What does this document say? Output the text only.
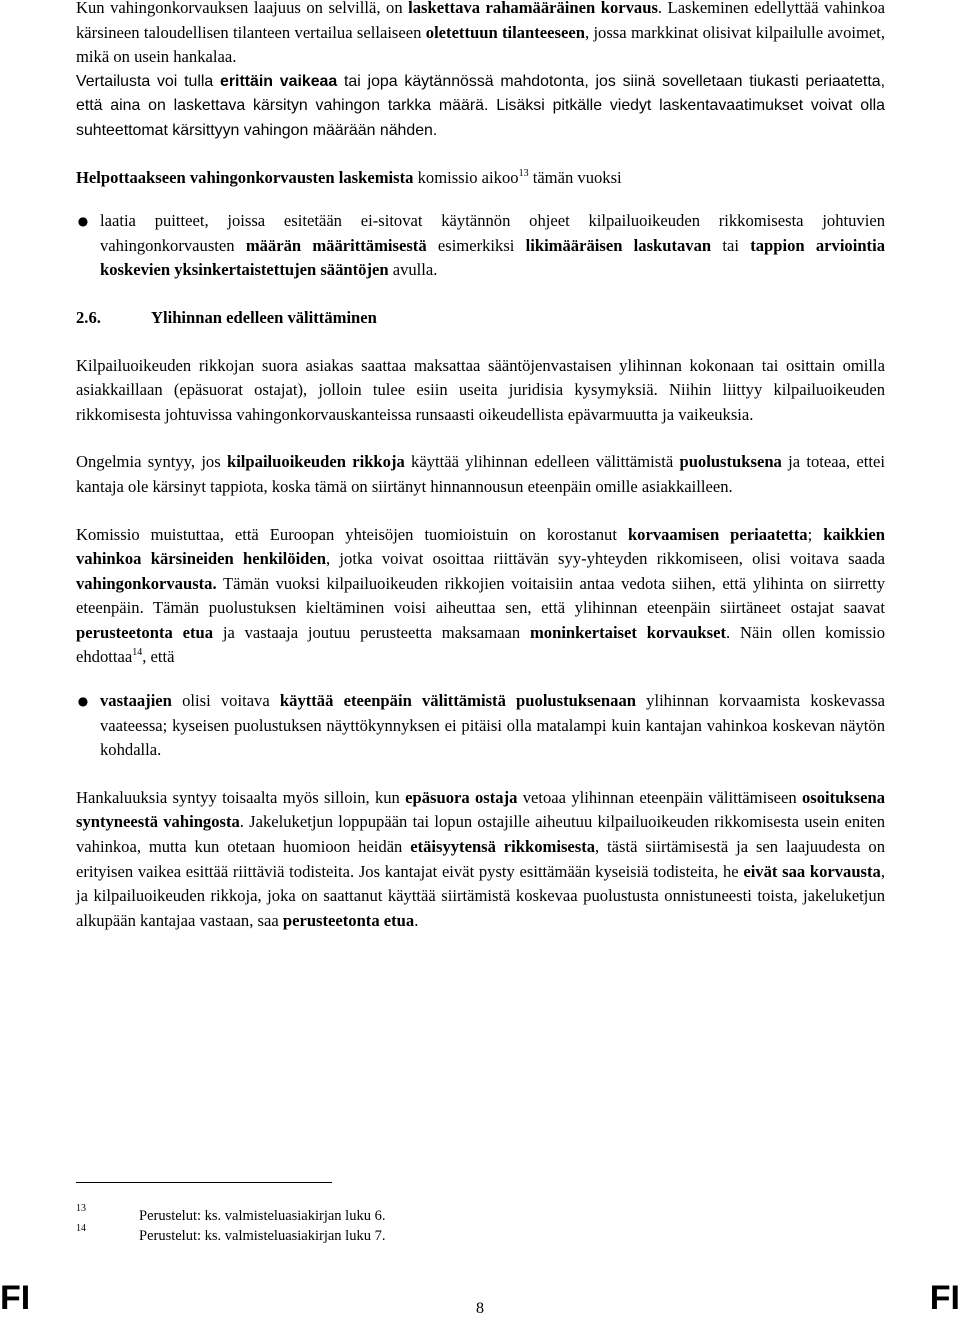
Kun vahingonkorvauksen laajuus on selvillä, on laskettava rahamääräinen korvaus. Laskeminen edellyttää vahinkoa kärsineen taloudellisen tilanteen vertailua sellaiseen oletettuun tilanteeseen, jossa markkinat olisivat kilpailulle avoimet, mikä on usein hankalaa.

Vertailusta voi tulla erittäin vaikeaa tai jopa käytännössä mahdotonta, jos siinä sovelletaan tiukasti periaatetta, että aina on laskettava kärsityn vahingon tarkka määrä. Lisäksi pitkälle viedyt laskentavaatimukset voivat olla suhteettomat kärsittyyn vahingon määrään nähden.

Helpottaakseen vahingonkorvausten laskemista komissio aikoo$^{13}$ tämän vuoksi

● laatia puitteet, joissa esitetään ei-sitovat käytännön ohjeet kilpailuoikeuden rikkomisesta johtuvien vahingonkorvausten määrän määrittämisestä esimerkiksi likimääräisen laskutavan tai tappion arviointia koskevien yksinkertaistettujen sääntöjen avulla.

2.6.	Ylihinnan edelleen välittäminen

Kilpailuoikeuden rikkojan suora asiakas saattaa maksattaa sääntöjenvastaisen ylihinnan kokonaan tai osittain omilla asiakkaillaan (epäsuorat ostajat), jolloin tulee esiin useita juridisia kysymyksiä. Niihin liittyy kilpailuoikeuden rikkomisesta johtuvissa vahingonkorvauskanteissa runsaasti oikeudellista epävarmuutta ja vaikeuksia.

Ongelmia syntyy, jos kilpailuoikeuden rikkoja käyttää ylihinnan edelleen välittämistä puolustuksena ja toteaa, ettei kantaja ole kärsinyt tappiota, koska tämä on siirtänyt hinnannousun eteenpäin omille asiakkailleen.

Komissio muistuttaa, että Euroopan yhteisöjen tuomioistuin on korostanut korvaamisen periaatetta; kaikkien vahinkoa kärsineiden henkilöiden, jotka voivat osoittaa riittävän syy-yhteyden rikkomiseen, olisi voitava saada vahingonkorvausta. Tämän vuoksi kilpailuoikeuden rikkojien voitaisiin antaa vedota siihen, että ylihinta on siirretty eteenpäin. Tämän puolustuksen kieltäminen voisi aiheuttaa sen, että ylihinnan eteenpäin siirtäneet ostajat saavat perusteetonta etua ja vastaaja joutuu perusteetta maksamaan moninkertaiset korvaukset. Näin ollen komissio ehdottaa$^{14}$, että

● vastaajien olisi voitava käyttää eteenpäin välittämistä puolustuksenaan ylihinnan korvaamista koskevassa vaateessa; kyseisen puolustuksen näyttökynnyksen ei pitäisi olla matalampi kuin kantajan vahinkoa koskevan näytön kohdalla.

Hankaluuksia syntyy toisaalta myös silloin, kun epäsuora ostaja vetoaa ylihinnan eteenpäin välittämiseen osoituksena syntyneestä vahingosta. Jakeluketjun loppupään tai lopun ostajille aiheutuu kilpailuoikeuden rikkomisesta usein eniten vahinkoa, mutta kun otetaan huomioon heidän etäisyytensä rikkomisesta, tästä siirtämisestä ja sen laajuudesta on erityisen vaikea esittää riittäviä todisteita. Jos kantajat eivät pysty esittämään kyseisiä todisteita, he eivät saa korvausta, ja kilpailuoikeuden rikkoja, joka on saattanut käyttää siirtämistä koskevaa puolustusta onnistuneesti toista, jakeluketjun alkupään kantajaa vastaan, saa perusteetonta etua.

13	Perustelut: ks. valmisteluasiakirjan luku 6.
14	Perustelut: ks. valmisteluasiakirjan luku 7.
FI	8	FI
